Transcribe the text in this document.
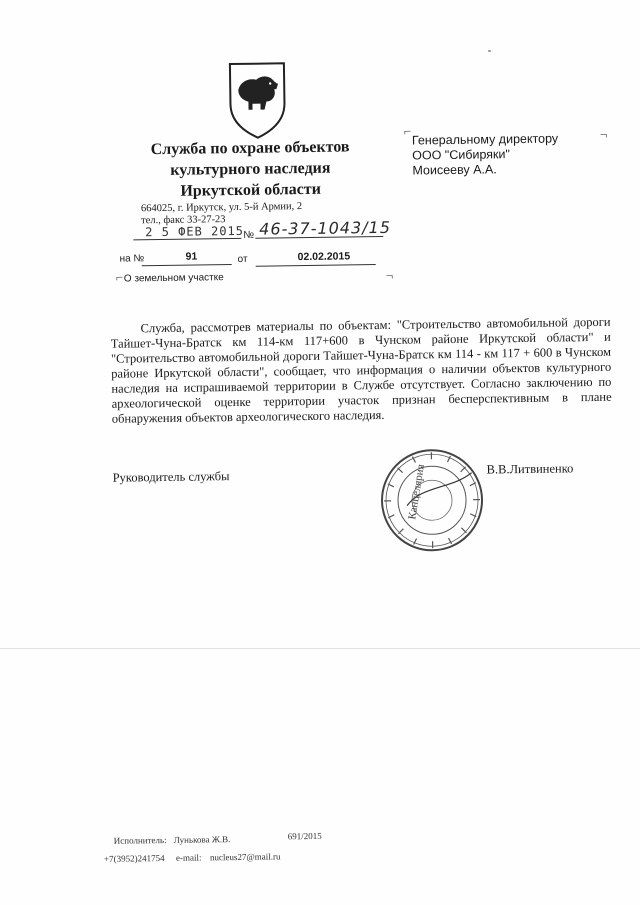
Служба по охране объектов
культурного наследия
Иркутской области
664025, г. Иркутск, ул. 5-й Армии, 2
тел., факс 33-27-23
2 5 ФЕВ 2015 № 46-37-1043/15
на №	91	от	02.02.2015
⌐ О земельном участке	¬
⌐	¬
Генеральному директору
ООО "Сибиряки"
Моисееву А.А.

Служба, рассмотрев материалы по объектам: "Строительство автомобильной дороги Тайшет-Чуна-Братск км 114-км 117+600 в Чунском районе Иркутской области" и "Строительство автомобильной дороги Тайшет-Чуна-Братск км 114 - км 117 + 600 в Чунском районе Иркутской области", сообщает, что информация о наличии объектов культурного наследия на испрашиваемой территории в Службе отсутствует. Согласно заключению по археологической оценке территории участок признан бесперспективным в плане обнаружения объектов археологического наследия.

Руководитель службы	Канцелярия	В.В.Литвиненко
Исполнитель: Лунькова Ж.В.	691/2015
+7(3952)241754 e-mail: nucleus27@mail.ru
